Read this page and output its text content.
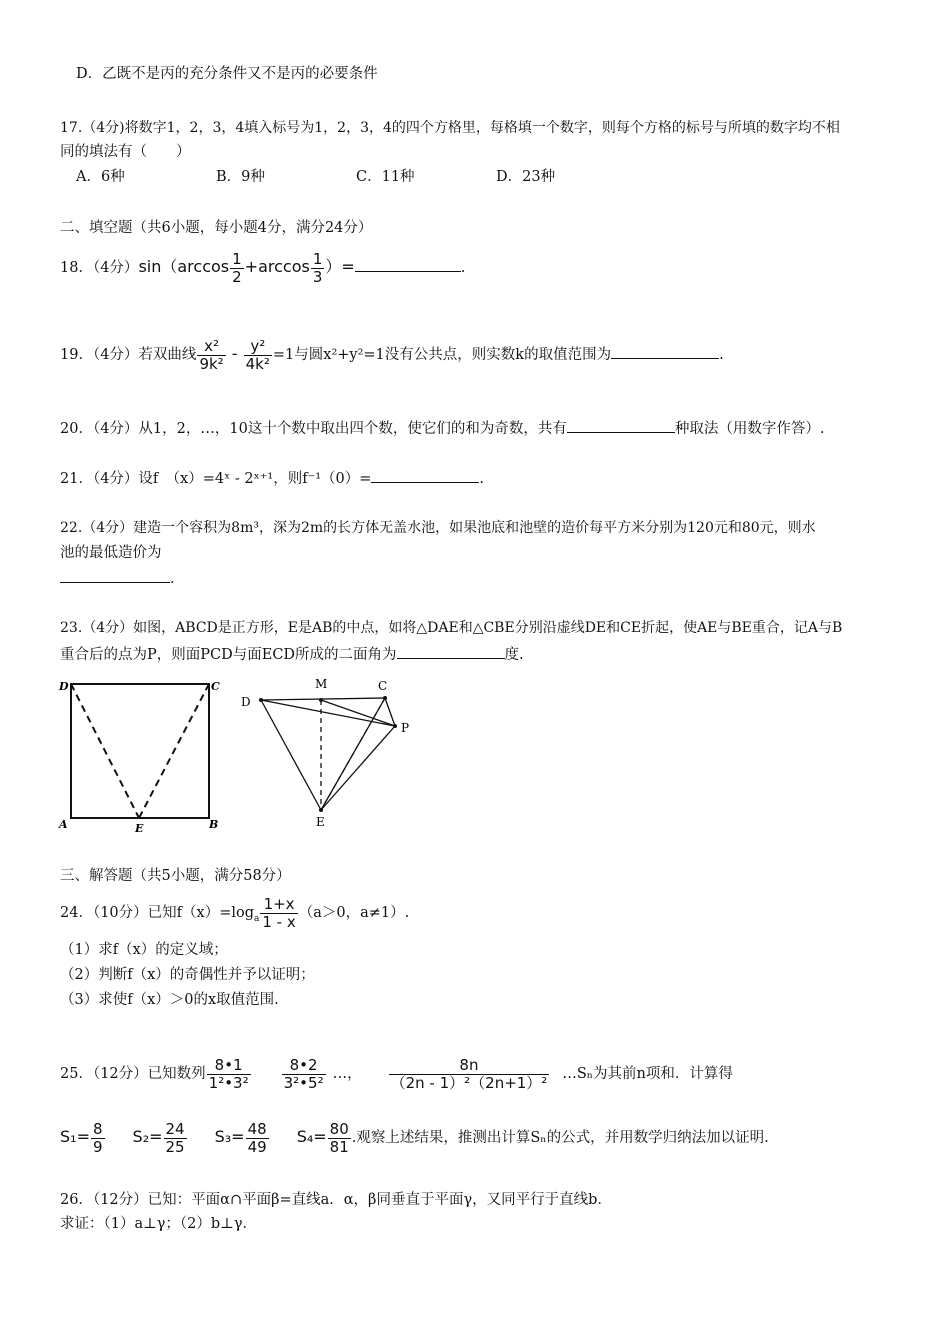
D．乙既不是丙的充分条件又不是丙的必要条件
17.（4分)将数字1，2，3，4填入标号为1，2，3，4的四个方格里，每格填一个数字，则每个方格的标号与所填的数字均不相
同的填法有（　　）
A．6种	B．9种	C．11种	D．23种
二、填空题（共6小题，每小题4分，满分24分）
18．（4分）$\sin(\arccos \frac{1}{2} +\arccos \frac{1}{3}$ ）=	.
19．（4分）若双曲线 $\frac{\text{x²}}{\text{9k²}} - \frac{\text{y²}}{\text{4k²}} =1$与圆x²+y²=1没有公共点，则实数k的取值范围为	.
20．（4分）从1，2，…，10这十个数中取出四个数，使它们的和为奇数，共有	种取法（用数字作答）.
21．（4分）设f　（x）=4ˣ - 2ˣ⁺¹，则f⁻¹（0）=	.
22.（4分）建造一个容积为8m³，深为2m的长方体无盖水池，如果池底和池壁的造价每平方米分别为120元和80元，则水
池的最低造价为
.
23.（4分）如图，ABCD是正方形，E是AB的中点，如将△DAE和△CBE分别沿虚线DE和CE折起，使AE与BE重合，记A与B
重合后的点为P，则面PCD与面ECD所成的二面角为	度.
D	C
A	E	B
D
M	C
P
E
三、解答题（共5小题，满分58分）
24．（10分）已知$f(x)=\log_a \frac{1+x}{1 - x} (a>0$，a≠1）.
（1）求f（x）的定义域；
（2）判断f（x）的奇偶性并予以证明；
（3）求使f（x）＞0的x取值范围.
25．（12分）已知数列 $\frac{8•1}{\text{1²•3²}} \frac{8•2}{\text{3²•5²}}$ …， $\frac{8n}{\text{（2n - 1）²（2n+1）²}}$ …Sₙ为其前n项和．计算得
$S_1= \frac{8}{9} S_2= \frac{24}{25} S_3= \frac{48}{49} S_4= \frac{80}{81}$ .观察上述结果，推测出计算Sₙ的公式，并用数学归纳法加以证明.
26．（12分）已知：平面α∩平面β=直线a．α，β同垂直于平面γ，又同平行于直线b．
求证：（1）a⊥γ；（2）b⊥γ．
